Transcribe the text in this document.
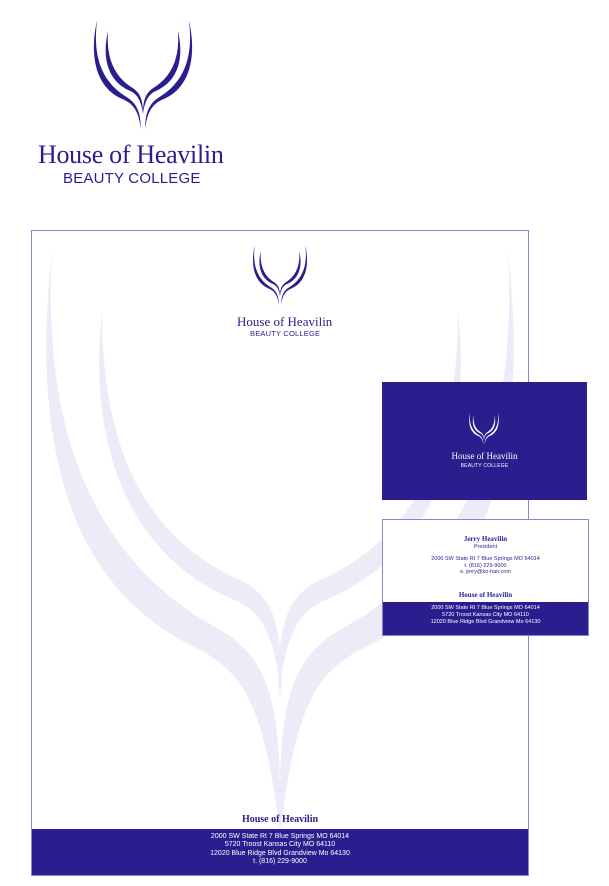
House of Heavilin
BEAUTY COLLEGE
House of Heavilin
BEAUTY COLLEGE
House of Heavilin
2000 SW State Rt 7 Blue Springs MO 64014
5720 Troost Kansas City MO 64110
12020 Blue Ridge Blvd Grandview Mo 64130
t. (816) 229-9000
House of Heavilin
BEAUTY COLLEGE
Jerry Heavilin
President
2000 SW State Rt 7 Blue Springs MO 64014
t. (816) 229-9000
e. jerry@ko-hair.com
House of Heavilin
2000 SW State Rt 7 Blue Springs MO 64014
5720 Troost Kansas City MO 64110
12020 Blue Ridge Blvd Grandview Mo 64130
